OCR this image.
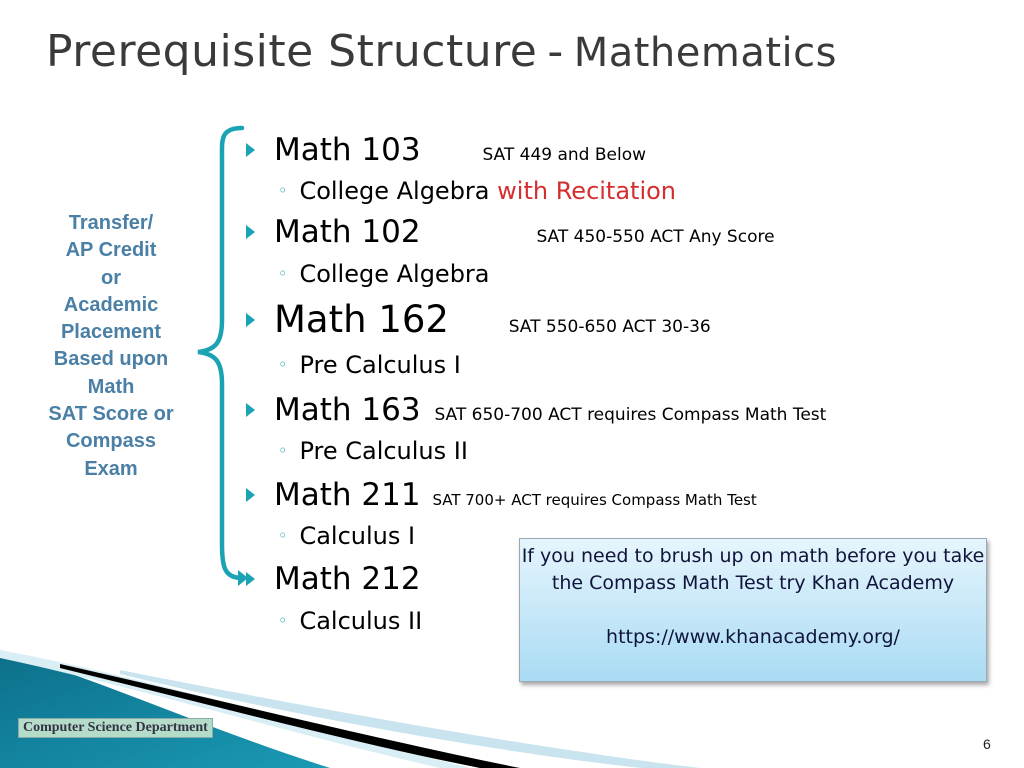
Prerequisite Structure - Mathematics
Transfer/
AP Credit
or
Academic
Placement
Based upon
Math
SAT Score or
Compass
Exam
Math 103	SAT 449 and Below
◦ College Algebra with Recitation
Math 102	SAT 450-550 ACT Any Score
◦ College Algebra
Math 162	SAT 550-650 ACT 30-36
◦ Pre Calculus I
Math 163 SAT 650-700 ACT requires Compass Math Test
◦ Pre Calculus II
Math 211 SAT 700+ ACT requires Compass Math Test
◦ Calculus I
Math 212
◦ Calculus II
If you need to brush up on math before you take the Compass Math Test try Khan Academy
https://www.khanacademy.org/
Computer Science Department
6
